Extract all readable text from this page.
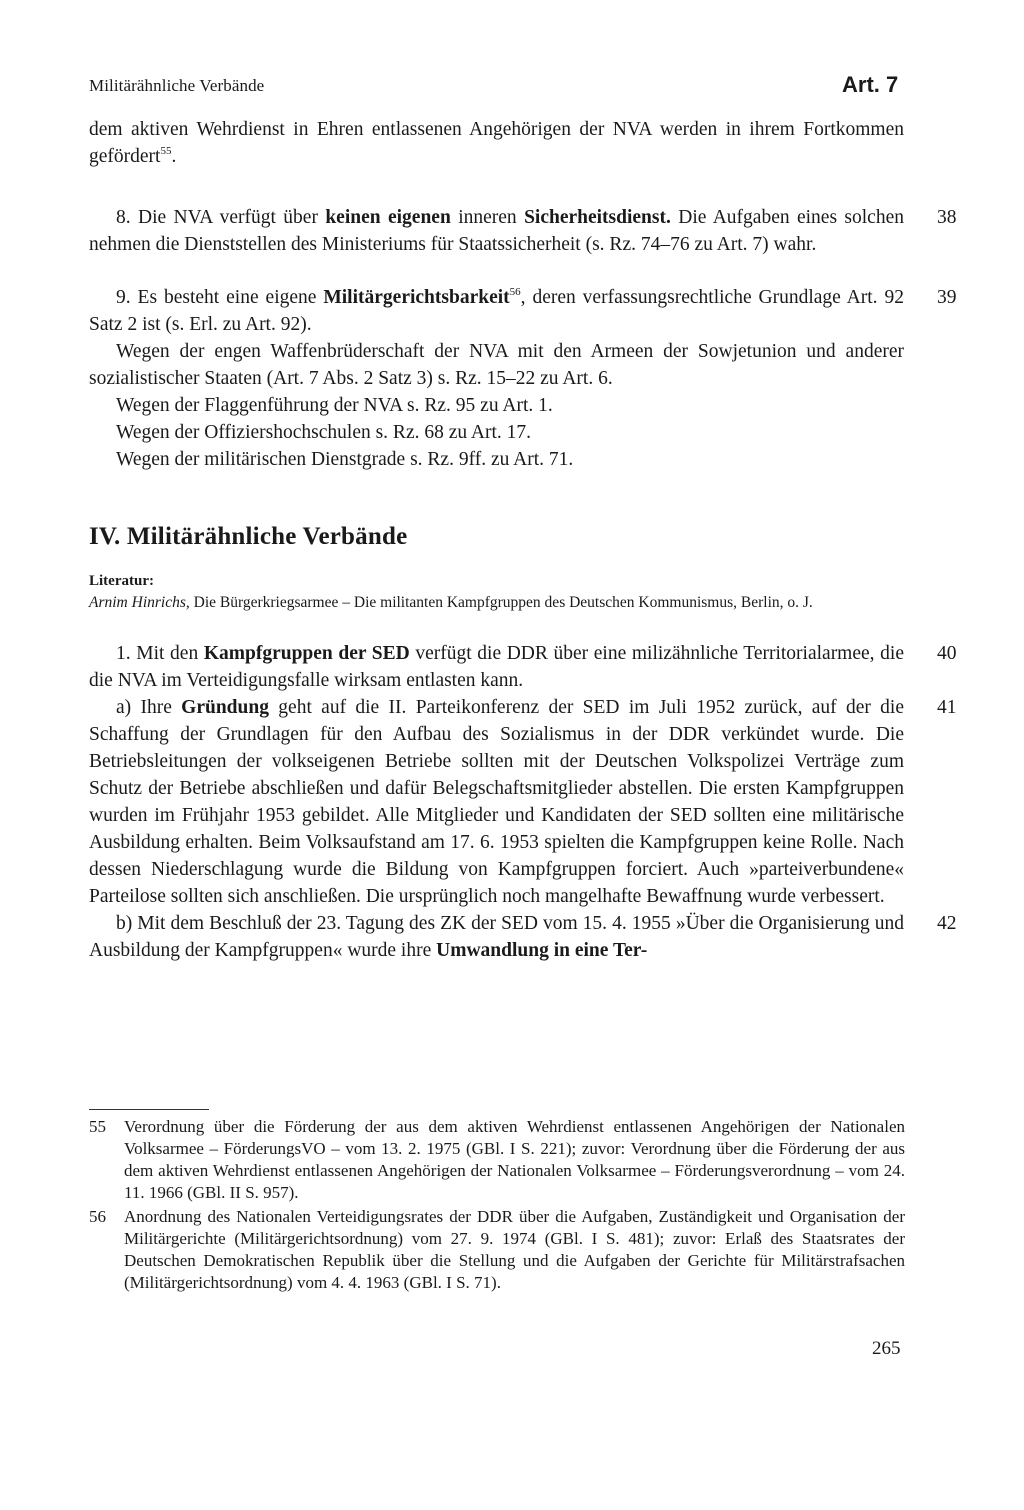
Militärähnliche Verbände	Art. 7

dem aktiven Wehrdienst in Ehren entlassenen Angehörigen der NVA werden in ihrem Fortkommen gefördert$^{55}$.

8. Die NVA verfügt über keinen eigenen inneren Sicherheitsdienst. Die Aufgaben eines solchen nehmen die Dienststellen des Ministeriums für Staatssicherheit (s. Rz. 74–76 zu Art. 7) wahr.
38

9. Es besteht eine eigene Militärgerichtsbarkeit$^{56}$, deren verfassungsrechtliche Grundlage Art. 92 Satz 2 ist (s. Erl. zu Art. 92).
39

Wegen der engen Waffenbrüderschaft der NVA mit den Armeen der Sowjetunion und anderer sozialistischer Staaten (Art. 7 Abs. 2 Satz 3) s. Rz. 15–22 zu Art. 6.

Wegen der Flaggenführung der NVA s. Rz. 95 zu Art. 1.

Wegen der Offiziershochschulen s. Rz. 68 zu Art. 17.

Wegen der militärischen Dienstgrade s. Rz. 9ff. zu Art. 71.

IV. Militärähnliche Verbände

Literatur:

Arnim Hinrichs, Die Bürgerkriegsarmee – Die militanten Kampfgruppen des Deutschen Kommunismus, Berlin, o. J.

1. Mit den Kampfgruppen der SED verfügt die DDR über eine milizähnliche Territorialarmee, die die NVA im Verteidigungsfalle wirksam entlasten kann.
40

a) Ihre Gründung geht auf die II. Parteikonferenz der SED im Juli 1952 zurück, auf der die Schaffung der Grundlagen für den Aufbau des Sozialismus in der DDR verkündet wurde. Die Betriebsleitungen der volkseigenen Betriebe sollten mit der Deutschen Volkspolizei Verträge zum Schutz der Betriebe abschließen und dafür Belegschaftsmitglieder abstellen. Die ersten Kampfgruppen wurden im Frühjahr 1953 gebildet. Alle Mitglieder und Kandidaten der SED sollten eine militärische Ausbildung erhalten. Beim Volksaufstand am 17. 6. 1953 spielten die Kampfgruppen keine Rolle. Nach dessen Niederschlagung wurde die Bildung von Kampfgruppen forciert. Auch »parteiverbundene« Parteilose sollten sich anschließen. Die ursprünglich noch mangelhafte Bewaffnung wurde verbessert.
41

b) Mit dem Beschluß der 23. Tagung des ZK der SED vom 15. 4. 1955 »Über die Organisierung und Ausbildung der Kampfgruppen« wurde ihre Umwandlung in eine Ter-
42

55 Verordnung über die Förderung der aus dem aktiven Wehrdienst entlassenen Angehörigen der Nationalen Volksarmee – FörderungsVO – vom 13. 2. 1975 (GBl. I S. 221); zuvor: Verordnung über die Förderung der aus dem aktiven Wehrdienst entlassenen Angehörigen der Nationalen Volksarmee – Förderungsverordnung – vom 24. 11. 1966 (GBl. II S. 957).

56 Anordnung des Nationalen Verteidigungsrates der DDR über die Aufgaben, Zuständigkeit und Organisation der Militärgerichte (Militärgerichtsordnung) vom 27. 9. 1974 (GBl. I S. 481); zuvor: Erlaß des Staatsrates der Deutschen Demokratischen Republik über die Stellung und die Aufgaben der Gerichte für Militärstrafsachen (Militärgerichtsordnung) vom 4. 4. 1963 (GBl. I S. 71).

265
